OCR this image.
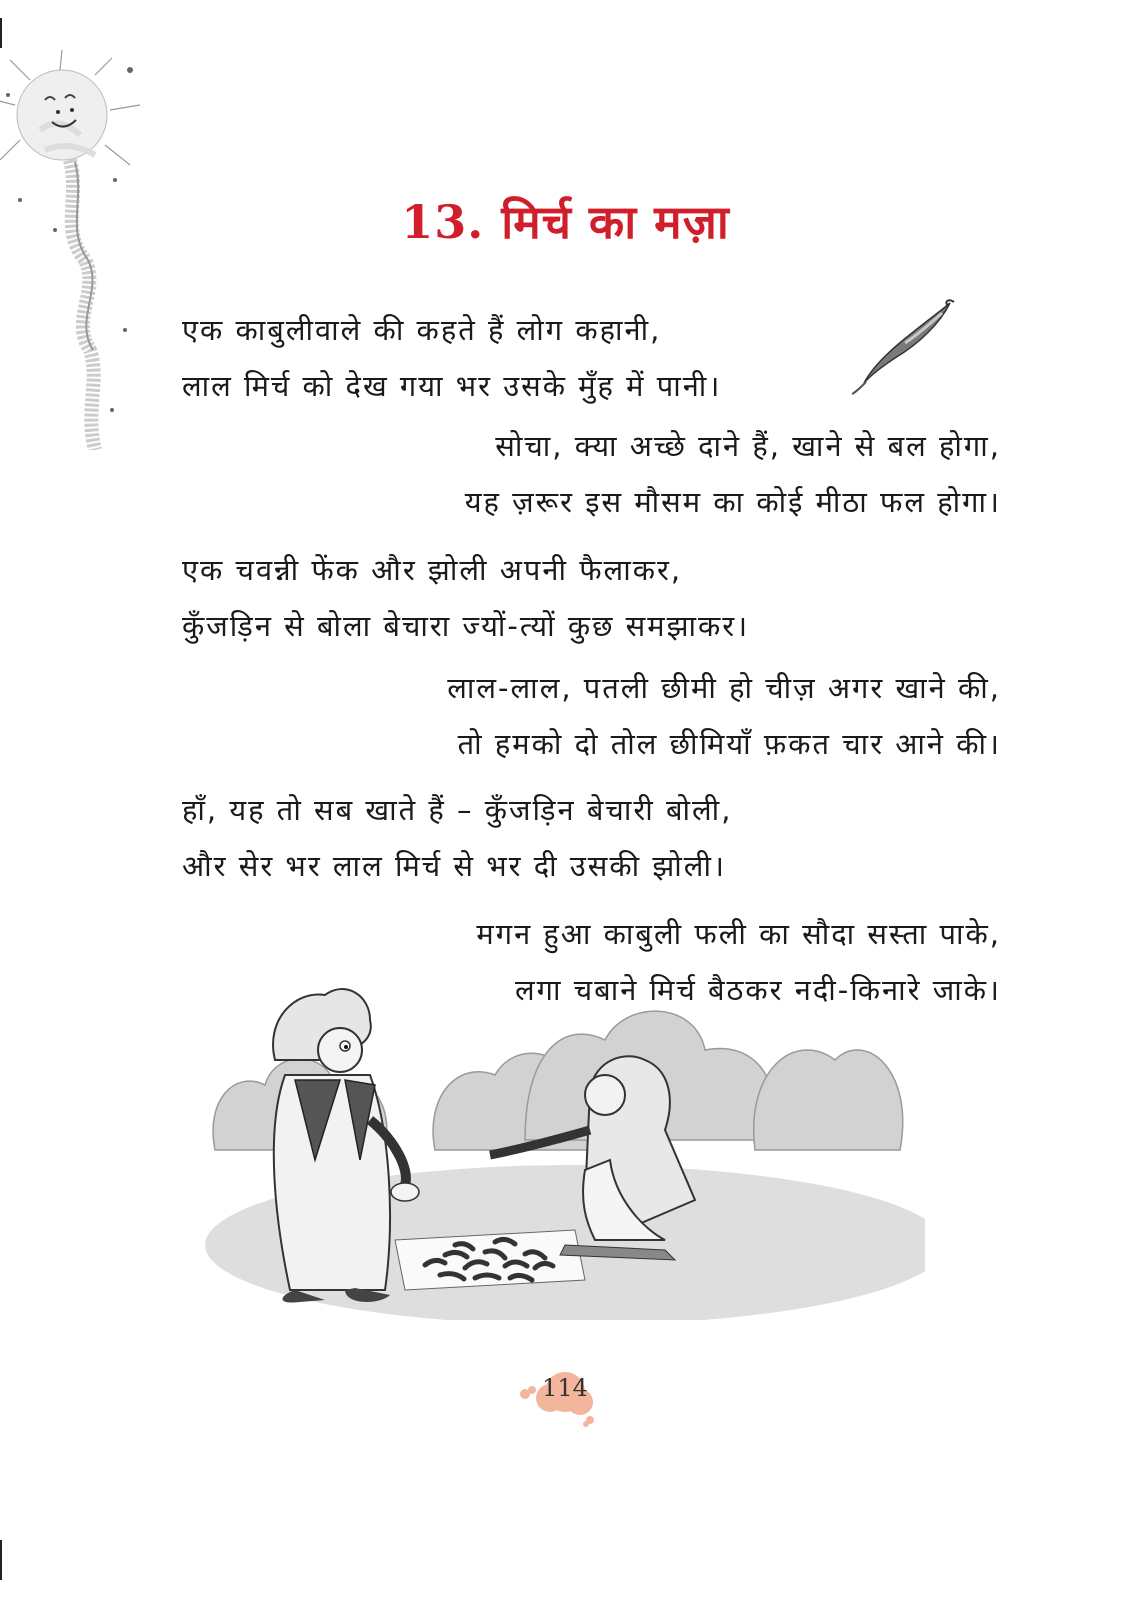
13. मिर्च का मज़ा
एक काबुलीवाले की कहते हैं लोग कहानी,
लाल मिर्च को देख गया भर उसके मुँह में पानी।
सोचा, क्या अच्छे दाने हैं, खाने से बल होगा,
यह ज़रूर इस मौसम का कोई मीठा फल होगा।
एक चवन्नी फेंक और झोली अपनी फैलाकर,
कुँजड़िन से बोला बेचारा ज्यों-त्यों कुछ समझाकर।
लाल-लाल, पतली छीमी हो चीज़ अगर खाने की,
तो हमको दो तोल छीमियाँ फ़कत चार आने की।
हाँ, यह तो सब खाते हैं – कुँजड़िन बेचारी बोली,
और सेर भर लाल मिर्च से भर दी उसकी झोली।
मगन हुआ काबुली फली का सौदा सस्ता पाके,
लगा चबाने मिर्च बैठकर नदी-किनारे जाके।
114
